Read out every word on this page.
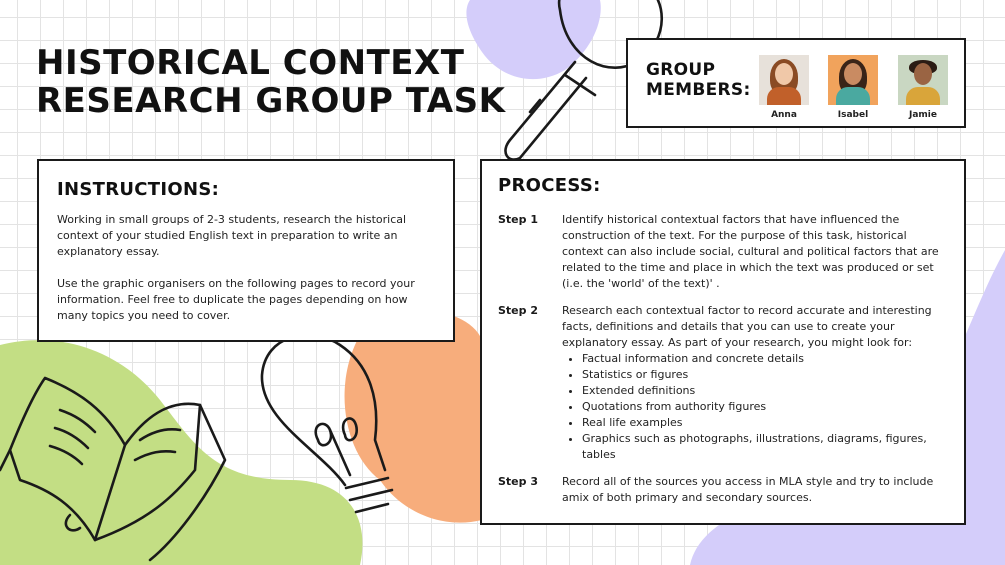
HISTORICAL CONTEXT
RESEARCH GROUP TASK
GROUP
MEMBERS:
Anna	Isabel	Jamie
INSTRUCTIONS:

Working in small groups of 2-3 students, research the historical context of your studied English text in preparation to write an explanatory essay.

Use the graphic organisers on the following pages to record your information. Feel free to duplicate the pages depending on how many topics you need to cover.

PROCESS:
Step 1	Identify historical contextual factors that have influenced the construction of the text. For the purpose of this task, historical context can also include social, cultural and political factors that are related to the time and place in which the text was produced or set (i.e. the 'world' of the text)' .
Step 2	Research each contextual factor to record accurate and interesting facts, definitions and details that you can use to create your explanatory essay. As part of your research, you might look for:
• Factual information and concrete details
• Statistics or figures
• Extended definitions
• Quotations from authority figures
• Real life examples
• Graphics such as photographs, illustrations, diagrams, figures, tables
Step 3	Record all of the sources you access in MLA style and try to include amix of both primary and secondary sources.
